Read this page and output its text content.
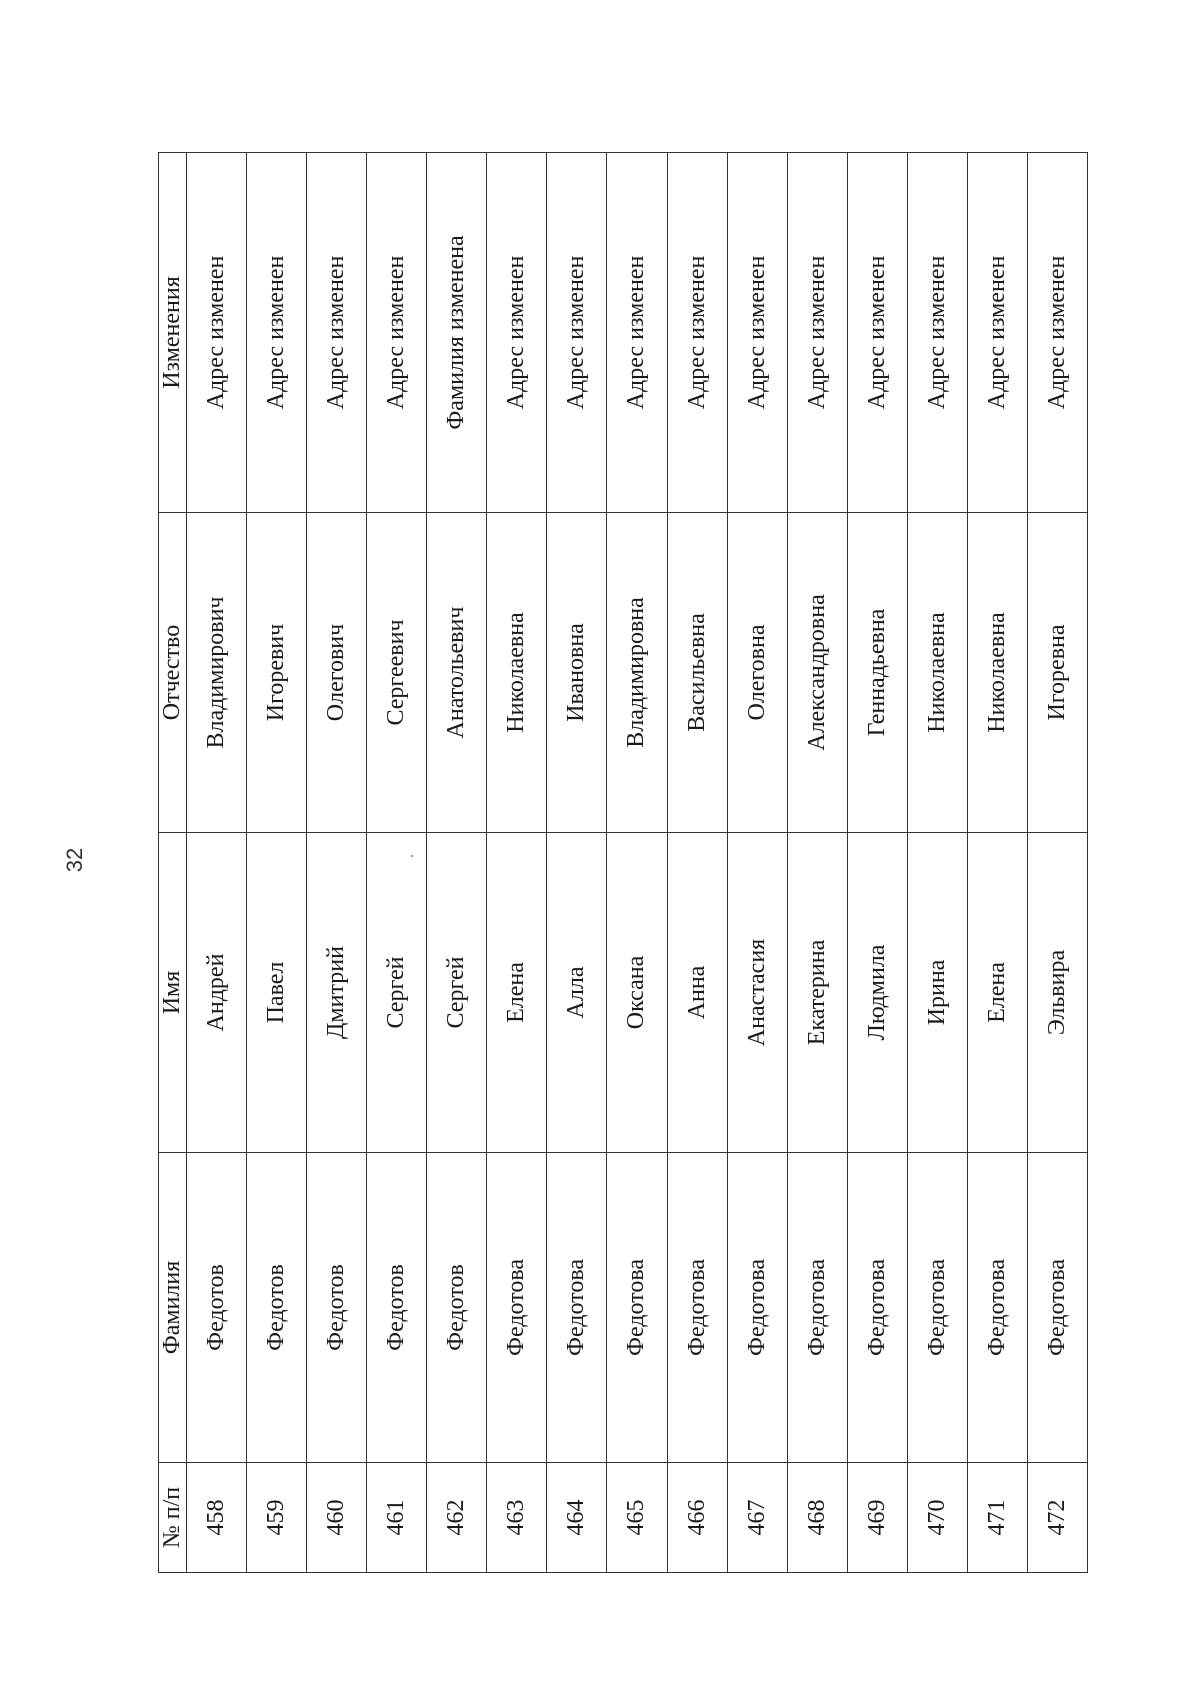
32
№ п/п	Фамилия	Имя	Отчество	Изменения
458	Федотов	Андрей	Владимирович	Адрес изменен
459	Федотов	Павел	Игоревич	Адрес изменен
460	Федотов	Дмитрий	Олегович	Адрес изменен
461	Федотов	Сергей	Сергеевич	Адрес изменен
462	Федотов	Сергей	Анатольевич	Фамилия изменена
463	Федотова	Елена	Николаевна	Адрес изменен
464	Федотова	Алла	Ивановна	Адрес изменен
465	Федотова	Оксана	Владимировна	Адрес изменен
466	Федотова	Анна	Васильевна	Адрес изменен
467	Федотова	Анастасия	Олеговна	Адрес изменен
468	Федотова	Екатерина	Александровна	Адрес изменен
469	Федотова	Людмила	Геннадьевна	Адрес изменен
470	Федотова	Ирина	Николаевна	Адрес изменен
471	Федотова	Елена	Николаевна	Адрес изменен
472	Федотова	Эльвира	Игоревна	Адрес изменен
